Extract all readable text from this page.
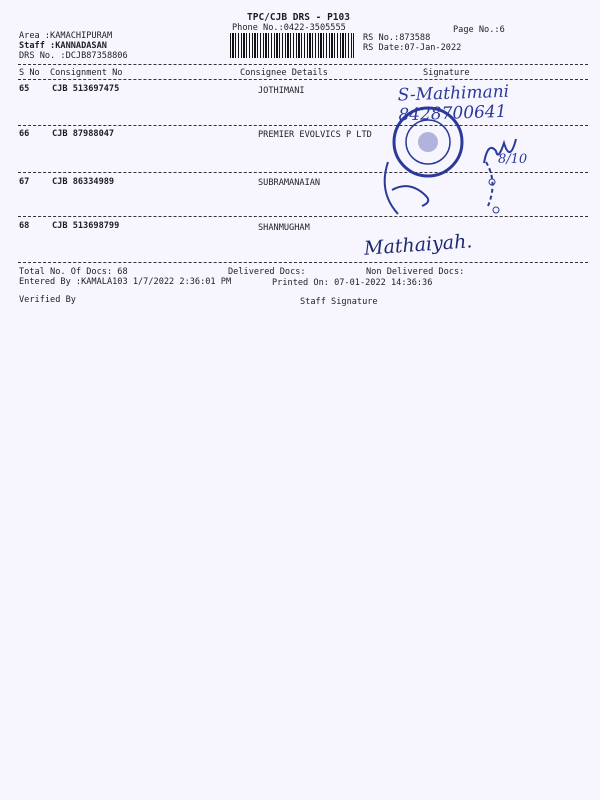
TPC/CJB DRS - P103
Phone No.:0422-3505555	Page No.:6
Area :KAMACHIPURAM
Staff :KANNADASAN
DRS No. :DCJB87358806
RS No.:873588
RS Date:07-Jan-2022
S No Consignment No	Consignee Details	Signature
65	CJB 513697475	JOTHIMANI
66	CJB 87988047	PREMIER EVOLVICS P LTD
67	CJB 86334989	SUBRAMANAIAN
68	CJB 513698799	SHANMUGHAM
S-Mathimani 8428700641
8/10
Mathaiyah.
Total No. Of Docs: 68	Delivered Docs:	Non Delivered Docs:
Entered By :KAMALA103 1/7/2022 2:36:01 PM	Printed On: 07-01-2022 14:36:36
Verified By	Staff Signature
